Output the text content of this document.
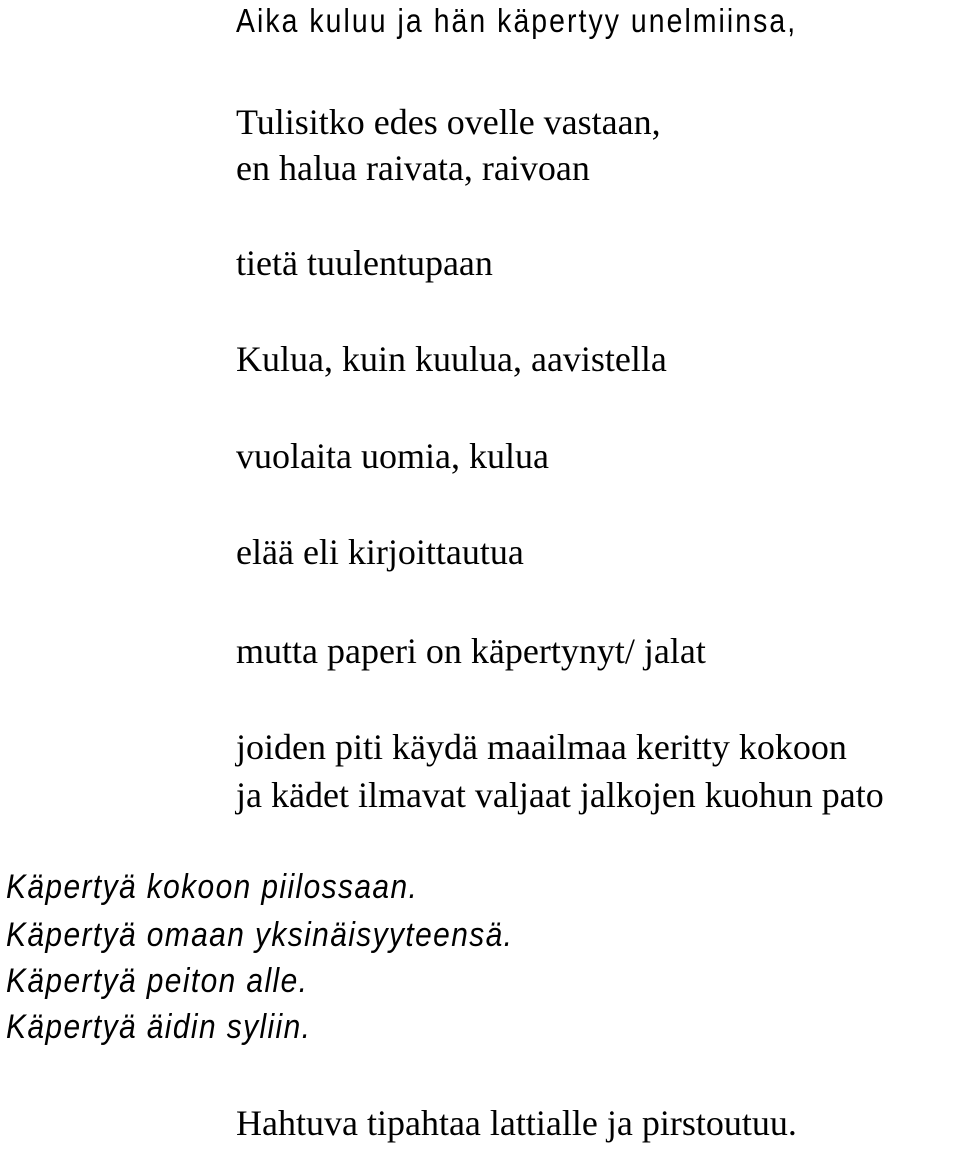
Aika kuluu ja hän käpertyy unelmiinsa,

Tulisitko edes ovelle vastaan,

en halua raivata, raivoan

tietä tuulentupaan

Kulua, kuin kuulua, aavistella

vuolaita uomia, kulua

elää eli kirjoittautua

mutta paperi on käpertynyt/ jalat

joiden piti käydä maailmaa keritty kokoon

ja kädet ilmavat valjaat jalkojen kuohun pato

Käpertyä kokoon piilossaan.

Käpertyä omaan yksinäisyyteensä.

Käpertyä peiton alle.

Käpertyä äidin syliin.

Hahtuva tipahtaa lattialle ja pirstoutuu.
